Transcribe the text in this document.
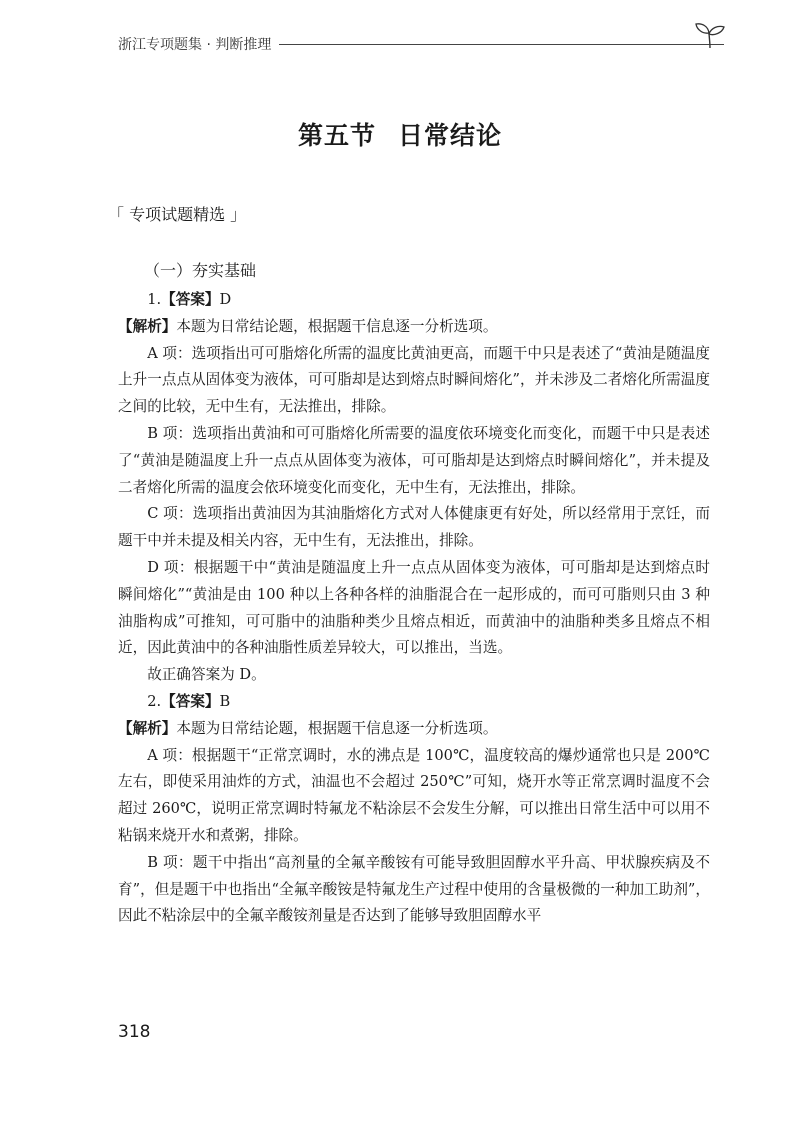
浙江专项题集 · 判断推理
第五节 日常结论
「 专项试题精选 」
（一）夯实基础

1.【答案】D

【解析】本题为日常结论题，根据题干信息逐一分析选项。

A 项：选项指出可可脂熔化所需的温度比黄油更高，而题干中只是表述了“黄油是随温度上升一点点从固体变为液体，可可脂却是达到熔点时瞬间熔化”，并未涉及二者熔化所需温度之间的比较，无中生有，无法推出，排除。

B 项：选项指出黄油和可可脂熔化所需要的温度依环境变化而变化，而题干中只是表述了“黄油是随温度上升一点点从固体变为液体，可可脂却是达到熔点时瞬间熔化”，并未提及二者熔化所需的温度会依环境变化而变化，无中生有，无法推出，排除。

C 项：选项指出黄油因为其油脂熔化方式对人体健康更有好处，所以经常用于烹饪，而题干中并未提及相关内容，无中生有，无法推出，排除。

D 项：根据题干中“黄油是随温度上升一点点从固体变为液体，可可脂却是达到熔点时瞬间熔化”“黄油是由 100 种以上各种各样的油脂混合在一起形成的，而可可脂则只由 3 种油脂构成”可推知，可可脂中的油脂种类少且熔点相近，而黄油中的油脂种类多且熔点不相近，因此黄油中的各种油脂性质差异较大，可以推出，当选。

故正确答案为 D。

2.【答案】B

【解析】本题为日常结论题，根据题干信息逐一分析选项。

A 项：根据题干“正常烹调时，水的沸点是 100℃，温度较高的爆炒通常也只是 200℃ 左右，即使采用油炸的方式，油温也不会超过 250℃”可知，烧开水等正常烹调时温度不会超过 260℃，说明正常烹调时特氟龙不粘涂层不会发生分解，可以推出日常生活中可以用不粘锅来烧开水和煮粥，排除。

B 项：题干中指出“高剂量的全氟辛酸铵有可能导致胆固醇水平升高、甲状腺疾病及不育”，但是题干中也指出“全氟辛酸铵是特氟龙生产过程中使用的含量极微的一种加工助剂”，因此不粘涂层中的全氟辛酸铵剂量是否达到了能够导致胆固醇水平

318
